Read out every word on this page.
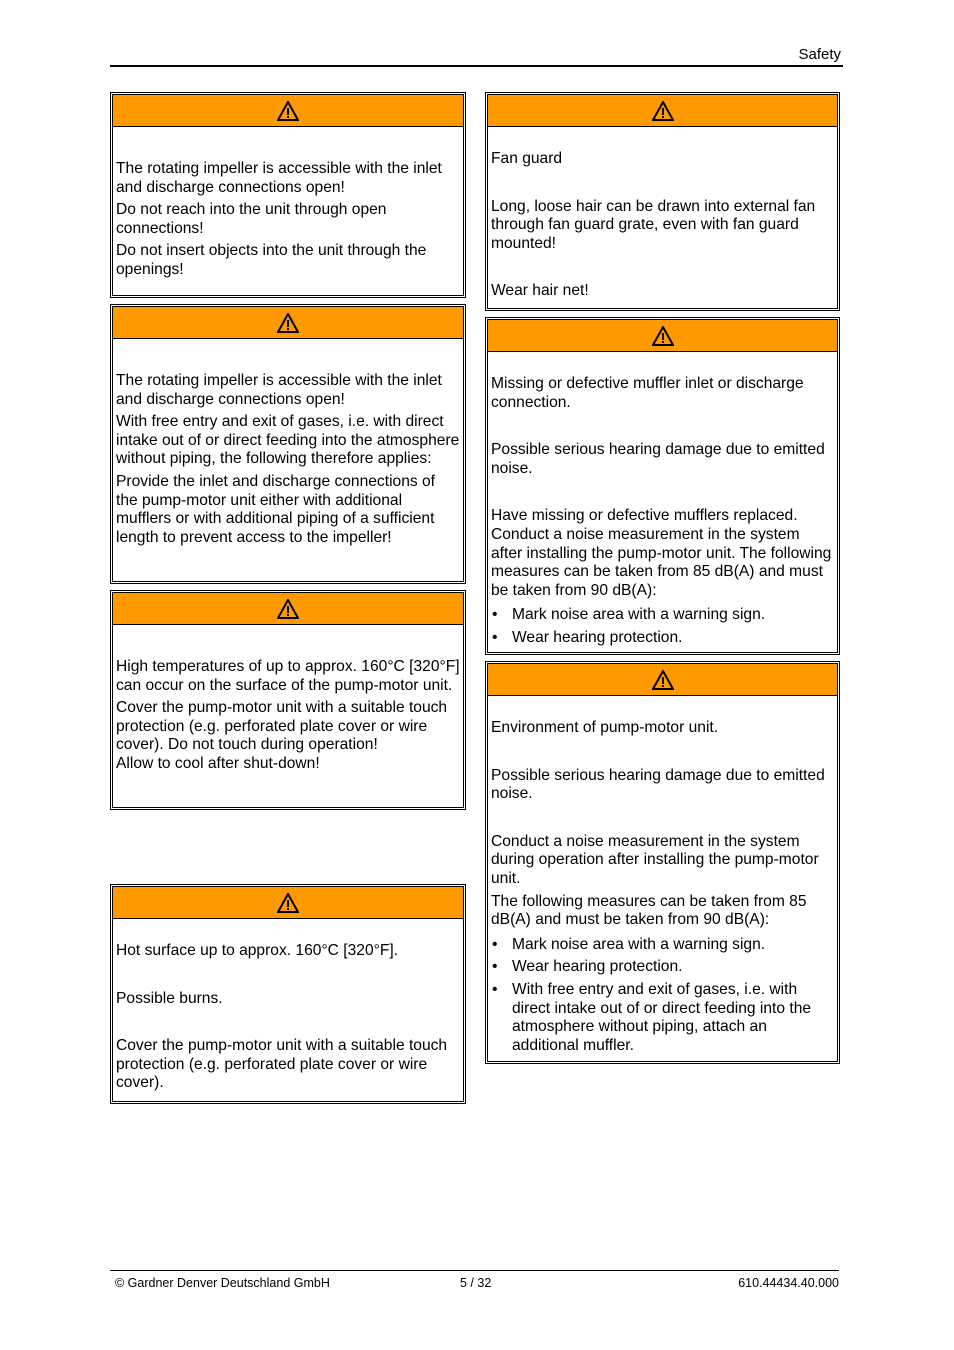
Safety

The rotating impeller is accessible with the inlet and discharge connections open!

Do not reach into the unit through open connections!

Do not insert objects into the unit through the openings!

The rotating impeller is accessible with the inlet and discharge connections open!

With free entry and exit of gases, i.e. with direct intake out of or direct feeding into the atmosphere without piping, the following therefore applies:

Provide the inlet and discharge connections of the pump-motor unit either with additional mufflers or with additional piping of a sufficient length to prevent access to the impeller!

High temperatures of up to approx. 160°C [320°F] can occur on the surface of the pump-motor unit.

Cover the pump-motor unit with a suitable touch protection (e.g. perforated plate cover or wire cover). Do not touch during operation!

Allow to cool after shut-down!

Hot surface up to approx. 160°C [320°F].

Possible burns.

Cover the pump-motor unit with a suitable touch protection (e.g. perforated plate cover or wire cover).

Fan guard

Long, loose hair can be drawn into external fan through fan guard grate, even with fan guard mounted!

Wear hair net!

Missing or defective muffler inlet or discharge connection.

Possible serious hearing damage due to emitted noise.

Have missing or defective mufflers replaced. Conduct a noise measurement in the system after installing the pump-motor unit. The following measures can be taken from 85 dB(A) and must be taken from 90 dB(A):

• Mark noise area with a warning sign.
• Wear hearing protection.

Environment of pump-motor unit.

Possible serious hearing damage due to emitted noise.

Conduct a noise measurement in the system during operation after installing the pump-motor unit.

The following measures can be taken from 85 dB(A) and must be taken from 90 dB(A):

• Mark noise area with a warning sign.
• Wear hearing protection.
• With free entry and exit of gases, i.e. with direct intake out of or direct feeding into the atmosphere without piping, attach an additional muffler.
© Gardner Denver Deutschland GmbH	5 / 32	610.44434.40.000
